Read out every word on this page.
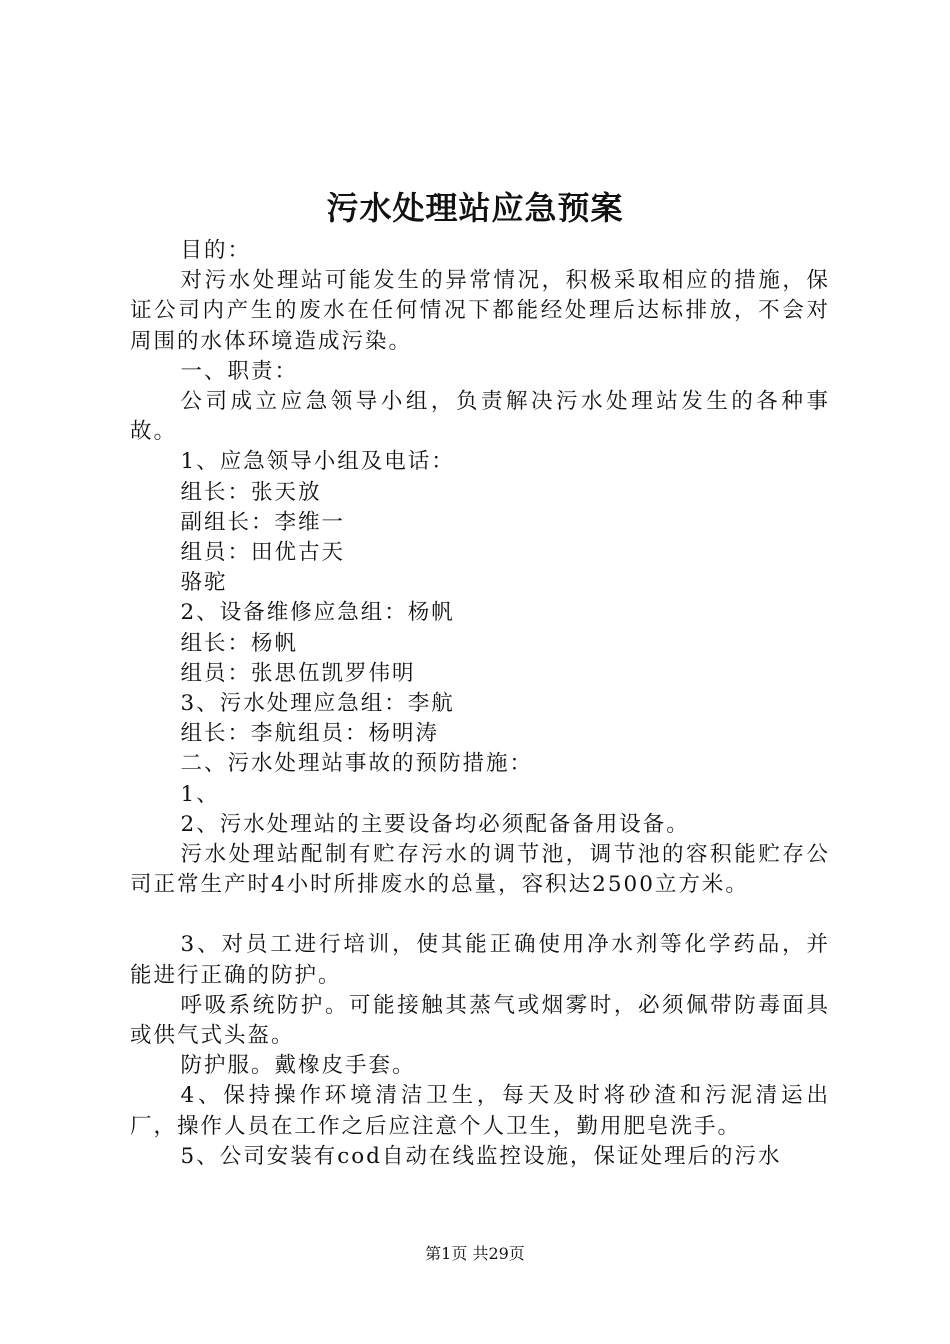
污水处理站应急预案

目的：

对污水处理站可能发生的异常情况，积极采取相应的措施，保证公司内产生的废水在任何情况下都能经处理后达标排放，不会对周围的水体环境造成污染。

一、职责：

公司成立应急领导小组，负责解决污水处理站发生的各种事故。

1、应急领导小组及电话：

组长：张天放

副组长：李维一

组员：田优古天

骆驼

2、设备维修应急组：杨帆

组长：杨帆

组员：张思伍凯罗伟明

3、污水处理应急组：李航

组长：李航组员：杨明涛

二、污水处理站事故的预防措施：

1、

2、污水处理站的主要设备均必须配备备用设备。

污水处理站配制有贮存污水的调节池，调节池的容积能贮存公司正常生产时4小时所排废水的总量，容积达2500立方米。

3、对员工进行培训，使其能正确使用净水剂等化学药品，并能进行正确的防护。

呼吸系统防护。可能接触其蒸气或烟雾时，必须佩带防毒面具或供气式头盔。

防护服。戴橡皮手套。

4、保持操作环境清洁卫生，每天及时将砂渣和污泥清运出厂，操作人员在工作之后应注意个人卫生，勤用肥皂洗手。

5、公司安装有cod自动在线监控设施，保证处理后的污水

第1页 共29页
